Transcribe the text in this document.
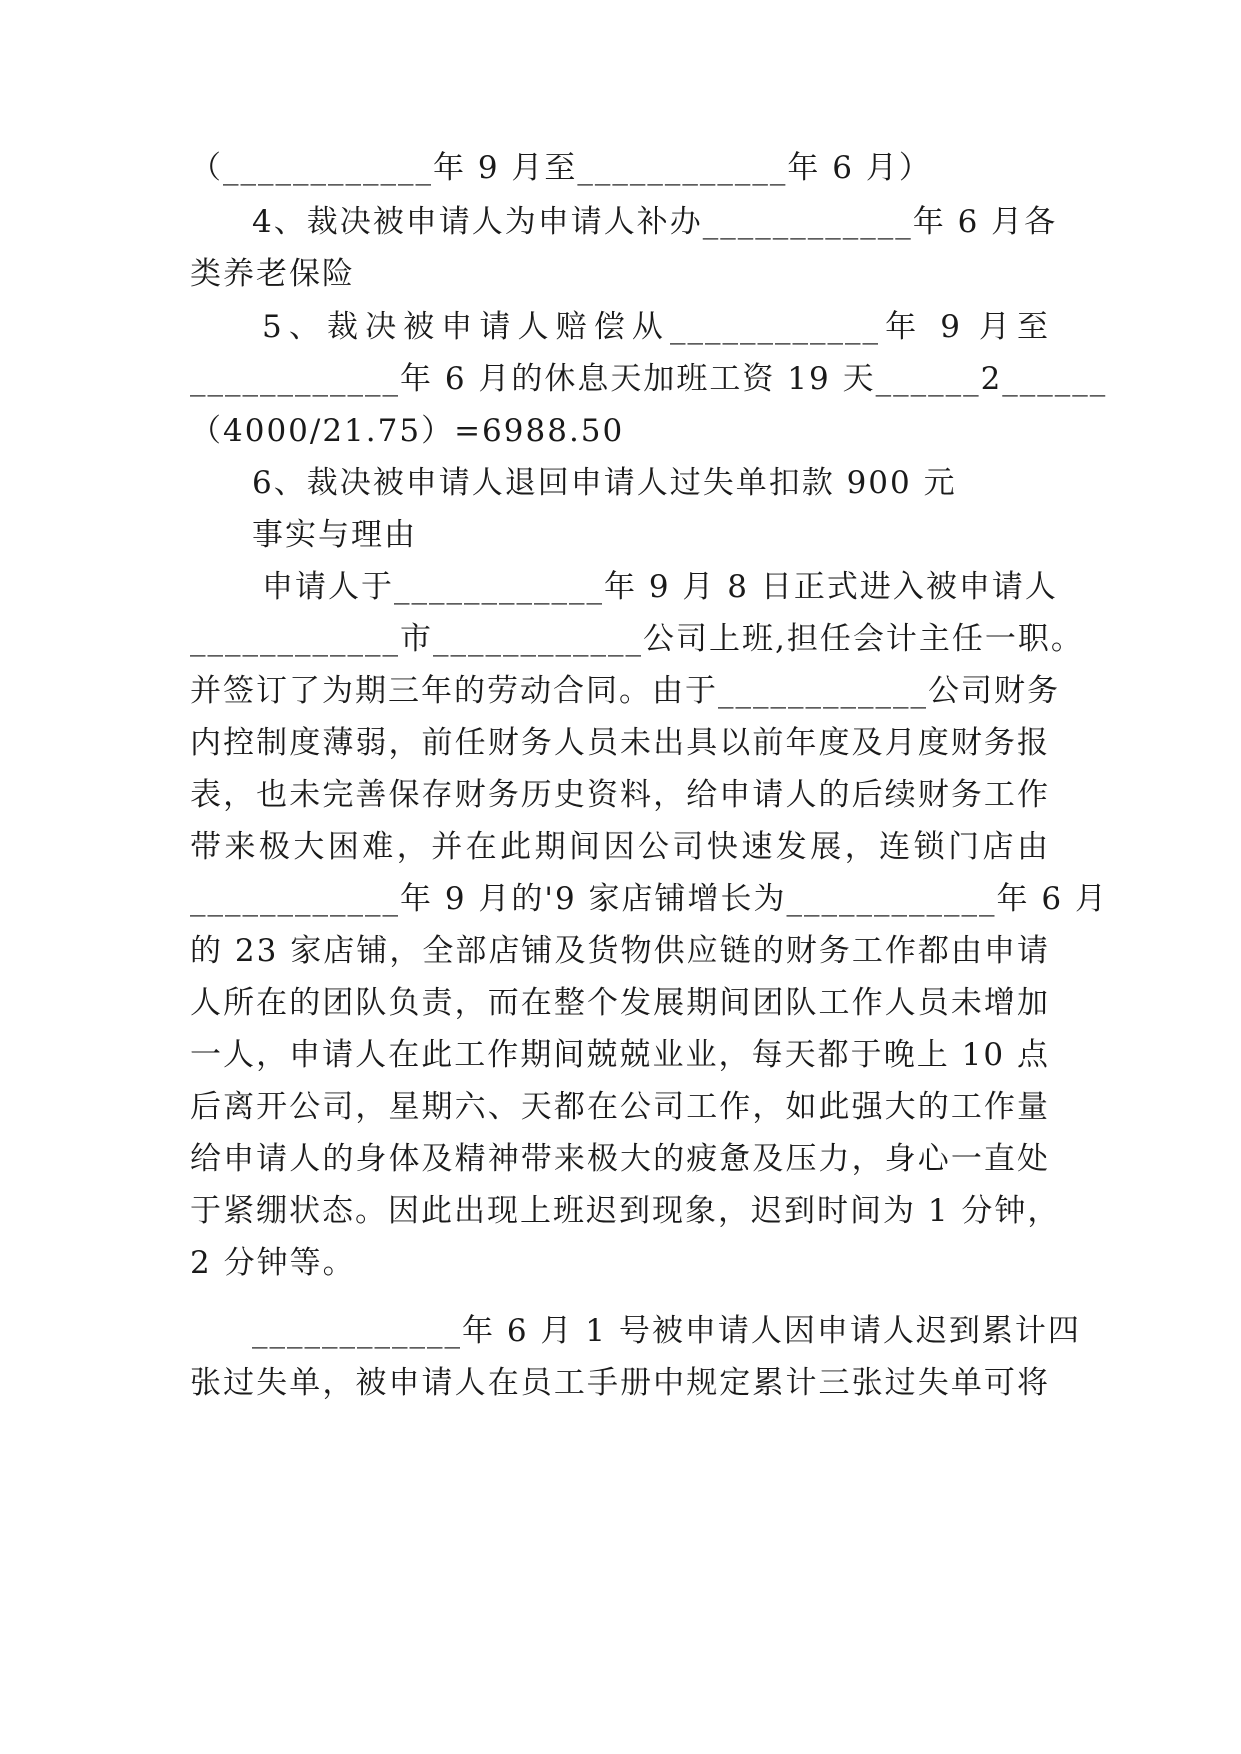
（____________年 9 月至____________年 6 月）
4、裁决被申请人为申请人补办____________年 6 月各
类养老保险
5、裁决被申请人赔偿从____________年 9 月至
____________年 6 月的休息天加班工资 19 天______2______
（4000/21.75）=6988.50
6、裁决被申请人退回申请人过失单扣款 900 元
事实与理由
申请人于____________年 9 月 8 日正式进入被申请人
____________市____________公司上班,担任会计主任一职。
并签订了为期三年的劳动合同。由于____________公司财务
内控制度薄弱，前任财务人员未出具以前年度及月度财务报
表，也未完善保存财务历史资料，给申请人的后续财务工作
带来极大困难，并在此期间因公司快速发展，连锁门店由
____________年 9 月的'9 家店铺增长为____________年 6 月
的 23 家店铺，全部店铺及货物供应链的财务工作都由申请
人所在的团队负责，而在整个发展期间团队工作人员未增加
一人，申请人在此工作期间兢兢业业，每天都于晚上 10 点
后离开公司，星期六、天都在公司工作，如此强大的工作量
给申请人的身体及精神带来极大的疲惫及压力，身心一直处
于紧绷状态。因此出现上班迟到现象，迟到时间为 1 分钟，
2 分钟等。
____________年 6 月 1 号被申请人因申请人迟到累计四
张过失单，被申请人在员工手册中规定累计三张过失单可将
